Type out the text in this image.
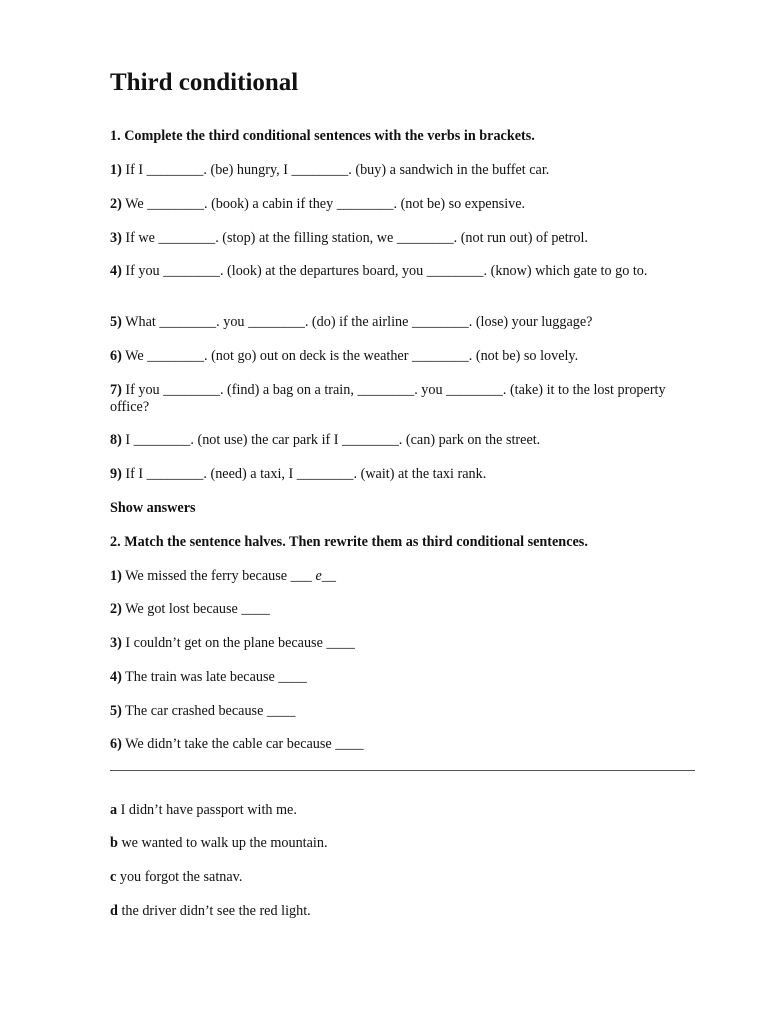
Third conditional
1. Complete the third conditional sentences with the verbs in brackets.
1) If I ________. (be) hungry, I ________. (buy) a sandwich in the buffet car.
2) We ________. (book) a cabin if they ________. (not be) so expensive.
3) If we ________. (stop) at the filling station, we ________. (not run out) of petrol.
4) If you ________. (look) at the departures board, you ________. (know) which gate to go to.
5) What ________. you ________. (do) if the airline ________. (lose) your luggage?
6) We ________. (not go) out on deck is the weather ________. (not be) so lovely.
7) If you ________. (find) a bag on a train, ________. you ________. (take) it to the lost property office?
8) I ________. (not use) the car park if I ________. (can) park on the street.
9) If I ________. (need) a taxi, I ________. (wait) at the taxi rank.
Show answers
2. Match the sentence halves. Then rewrite them as third conditional sentences.
1) We missed the ferry because ___ e__
2) We got lost because ____
3) I couldn’t get on the plane because ____
4) The train was late because ____
5) The car crashed because ____
6) We didn’t take the cable car because ____
a I didn’t have passport with me.
b we wanted to walk up the mountain.
c you forgot the satnav.
d the driver didn’t see the red light.
